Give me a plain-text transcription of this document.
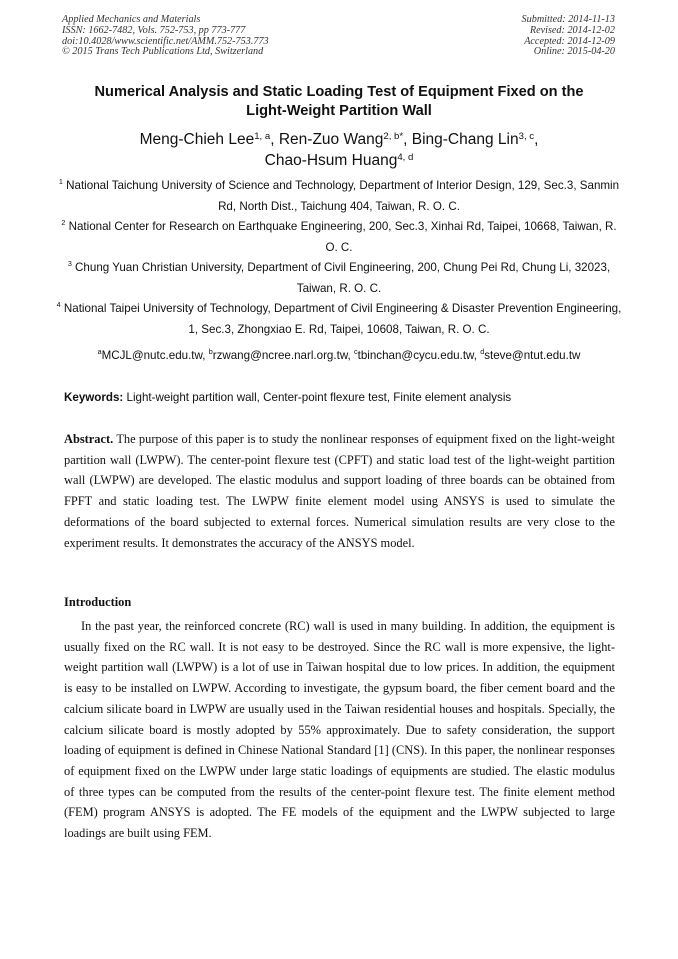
Applied Mechanics and Materials
ISSN: 1662-7482, Vols. 752-753, pp 773-777
doi:10.4028/www.scientific.net/AMM.752-753.773
© 2015 Trans Tech Publications Ltd, Switzerland
Submitted: 2014-11-13
Revised: 2014-12-02
Accepted: 2014-12-09
Online: 2015-04-20
Numerical Analysis and Static Loading Test of Equipment Fixed on the
Light-Weight Partition Wall
Meng-Chieh Lee$^{1, a}$, Ren-Zuo Wang$^{2, b*}$, Bing-Chang Lin$^{3, c}$,
Chao-Hsum Huang$^{4, d}$
$^1$ National Taichung University of Science and Technology, Department of Interior Design, 129, Sec.3, Sanmin Rd, North Dist., Taichung 404, Taiwan, R. O. C.
$^2$ National Center for Research on Earthquake Engineering, 200, Sec.3, Xinhai Rd, Taipei, 10668, Taiwan, R. O. C.
$^3$ Chung Yuan Christian University, Department of Civil Engineering, 200, Chung Pei Rd, Chung Li, 32023, Taiwan, R. O. C.
$^4$ National Taipei University of Technology, Department of Civil Engineering & Disaster Prevention Engineering, 1, Sec.3, Zhongxiao E. Rd, Taipei, 10608, Taiwan, R. O. C.
$^a$MCJL@nutc.edu.tw, $^b$rzwang@ncree.narl.org.tw, $^c$tbinchan@cycu.edu.tw, $^d$steve@ntut.edu.tw
Keywords: Light-weight partition wall, Center-point flexure test, Finite element analysis
Abstract. The purpose of this paper is to study the nonlinear responses of equipment fixed on the light-weight partition wall (LWPW). The center-point flexure test (CPFT) and static load test of the light-weight partition wall (LWPW) are developed. The elastic modulus and support loading of three boards can be obtained from FPFT and static loading test. The LWPW finite element model using ANSYS is used to simulate the deformations of the board subjected to external forces. Numerical simulation results are very close to the experiment results. It demonstrates the accuracy of the ANSYS model.
Introduction
In the past year, the reinforced concrete (RC) wall is used in many building. In addition, the equipment is usually fixed on the RC wall. It is not easy to be destroyed. Since the RC wall is more expensive, the light-weight partition wall (LWPW) is a lot of use in Taiwan hospital due to low prices. In addition, the equipment is easy to be installed on LWPW. According to investigate, the gypsum board, the fiber cement board and the calcium silicate board in LWPW are usually used in the Taiwan residential houses and hospitals. Specially, the calcium silicate board is mostly adopted by 55% approximately. Due to safety consideration, the support loading of equipment is defined in Chinese National Standard [1] (CNS). In this paper, the nonlinear responses of equipment fixed on the LWPW under large static loadings of equipments are studied. The elastic modulus of three types can be computed from the results of the center-point flexure test. The finite element method (FEM) program ANSYS is adopted. The FE models of the equipment and the LWPW subjected to large loadings are built using FEM.
